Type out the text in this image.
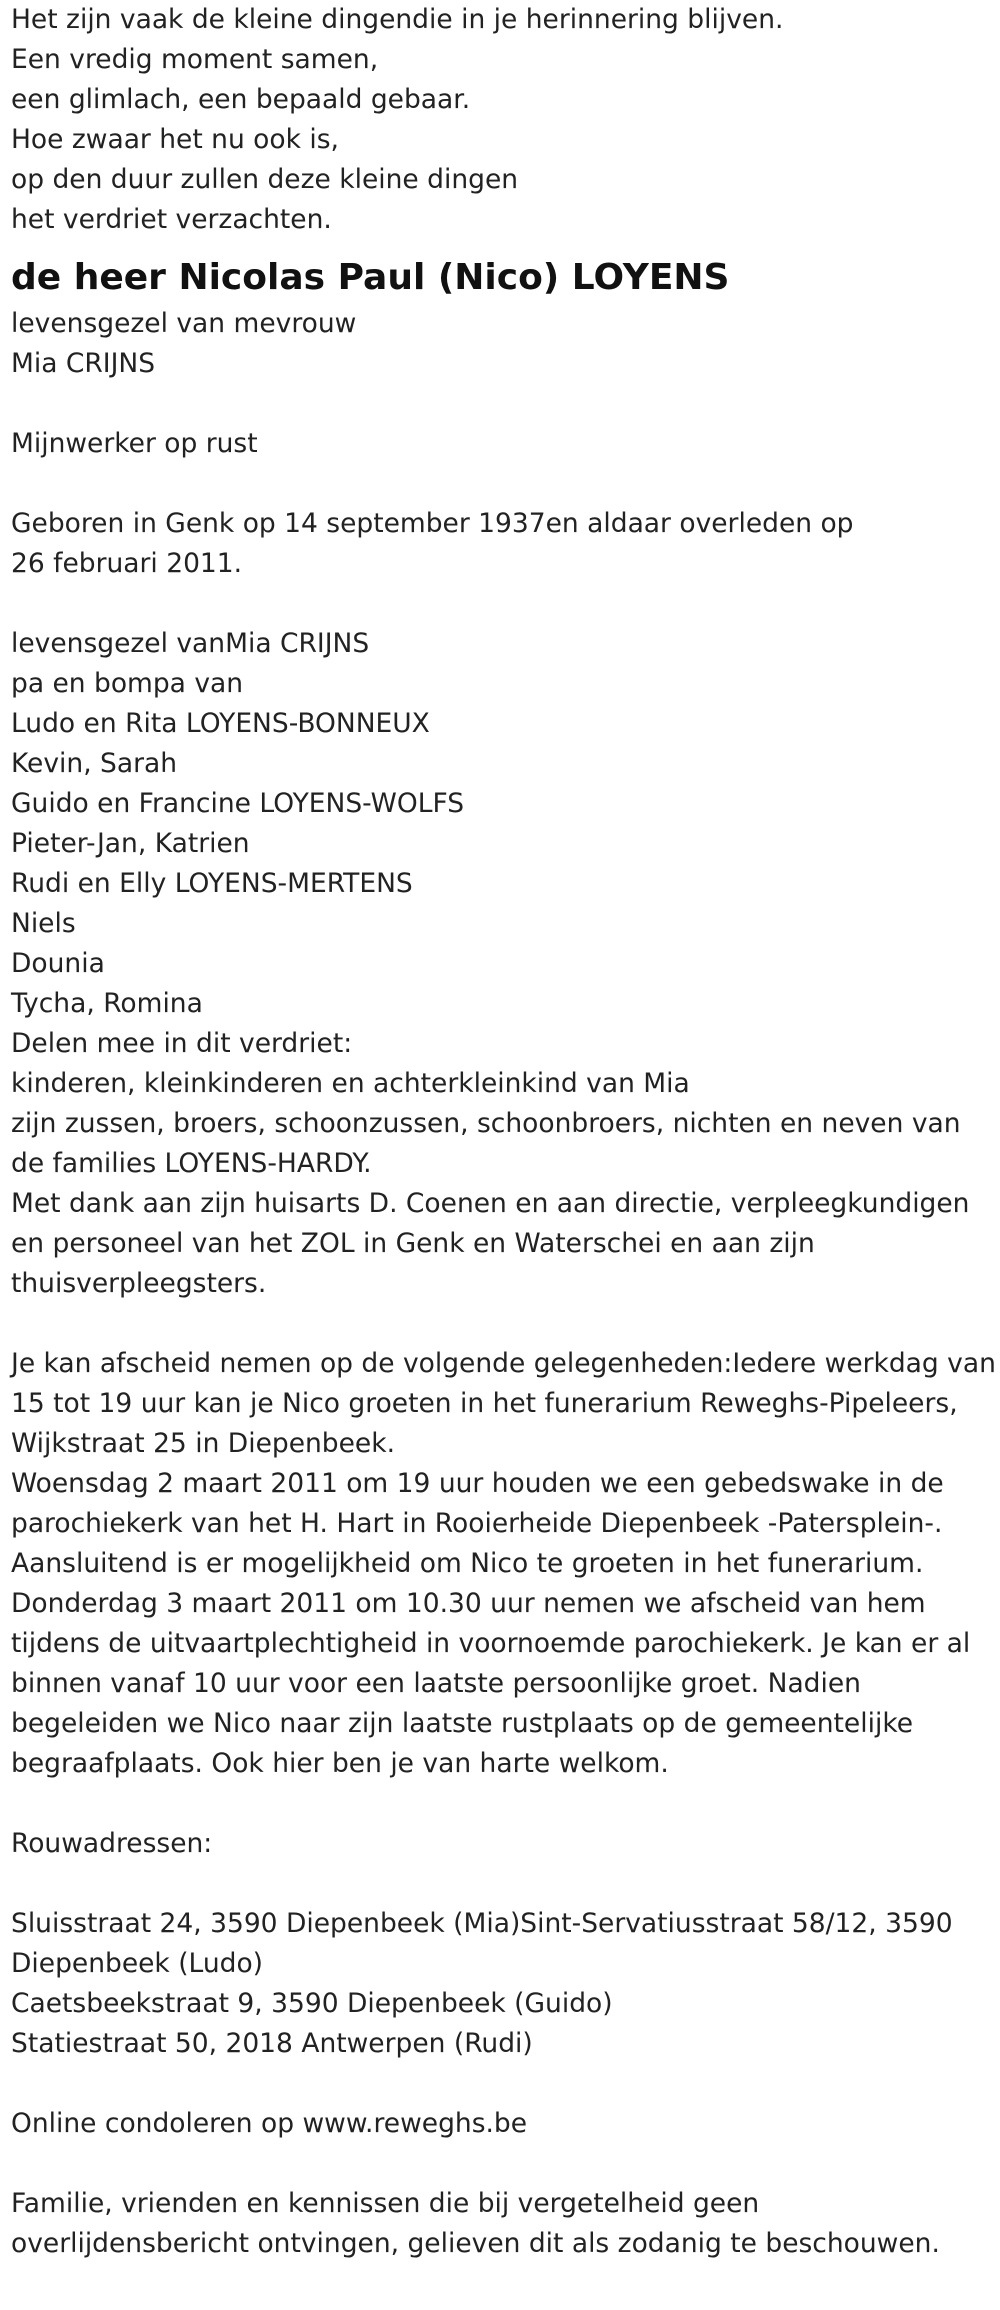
Het zijn vaak de kleine dingendie in je herinnering blijven.
Een vredig moment samen,
een glimlach, een bepaald gebaar.
Hoe zwaar het nu ook is,
op den duur zullen deze kleine dingen
het verdriet verzachten.
de heer Nicolas Paul (Nico) LOYENS
levensgezel van mevrouw
Mia CRIJNS
Mijnwerker op rust
Geboren in Genk op 14 september 1937en aldaar overleden op 26 februari 2011.
levensgezel vanMia CRIJNS
pa en bompa van
Ludo en Rita LOYENS-BONNEUX
Kevin, Sarah
Guido en Francine LOYENS-WOLFS
Pieter-Jan, Katrien
Rudi en Elly LOYENS-MERTENS
Niels
Dounia
Tycha, Romina
Delen mee in dit verdriet:
kinderen, kleinkinderen en achterkleinkind van Mia
zijn zussen, broers, schoonzussen, schoonbroers, nichten en neven van
de families LOYENS-HARDY.
Met dank aan zijn huisarts D. Coenen en aan directie, verpleegkundigen
en personeel van het ZOL in Genk en Waterschei en aan zijn
thuisverpleegsters.
Je kan afscheid nemen op de volgende gelegenheden:Iedere werkdag van
15 tot 19 uur kan je Nico groeten in het funerarium Reweghs-Pipeleers,
Wijkstraat 25 in Diepenbeek.
Woensdag 2 maart 2011 om 19 uur houden we een gebedswake in de
parochiekerk van het H. Hart in Rooierheide Diepenbeek -Patersplein-.
Aansluitend is er mogelijkheid om Nico te groeten in het funerarium.
Donderdag 3 maart 2011 om 10.30 uur nemen we afscheid van hem
tijdens de uitvaartplechtigheid in voornoemde parochiekerk. Je kan er al
binnen vanaf 10 uur voor een laatste persoonlijke groet. Nadien
begeleiden we Nico naar zijn laatste rustplaats op de gemeentelijke
begraafplaats. Ook hier ben je van harte welkom.
Rouwadressen:
Sluisstraat 24, 3590 Diepenbeek (Mia)Sint-Servatiusstraat 58/12, 3590
Diepenbeek (Ludo)
Caetsbeekstraat 9, 3590 Diepenbeek (Guido)
Statiestraat 50, 2018 Antwerpen (Rudi)
Online condoleren op www.reweghs.be
Familie, vrienden en kennissen die bij vergetelheid geen
overlijdensbericht ontvingen, gelieven dit als zodanig te beschouwen.
